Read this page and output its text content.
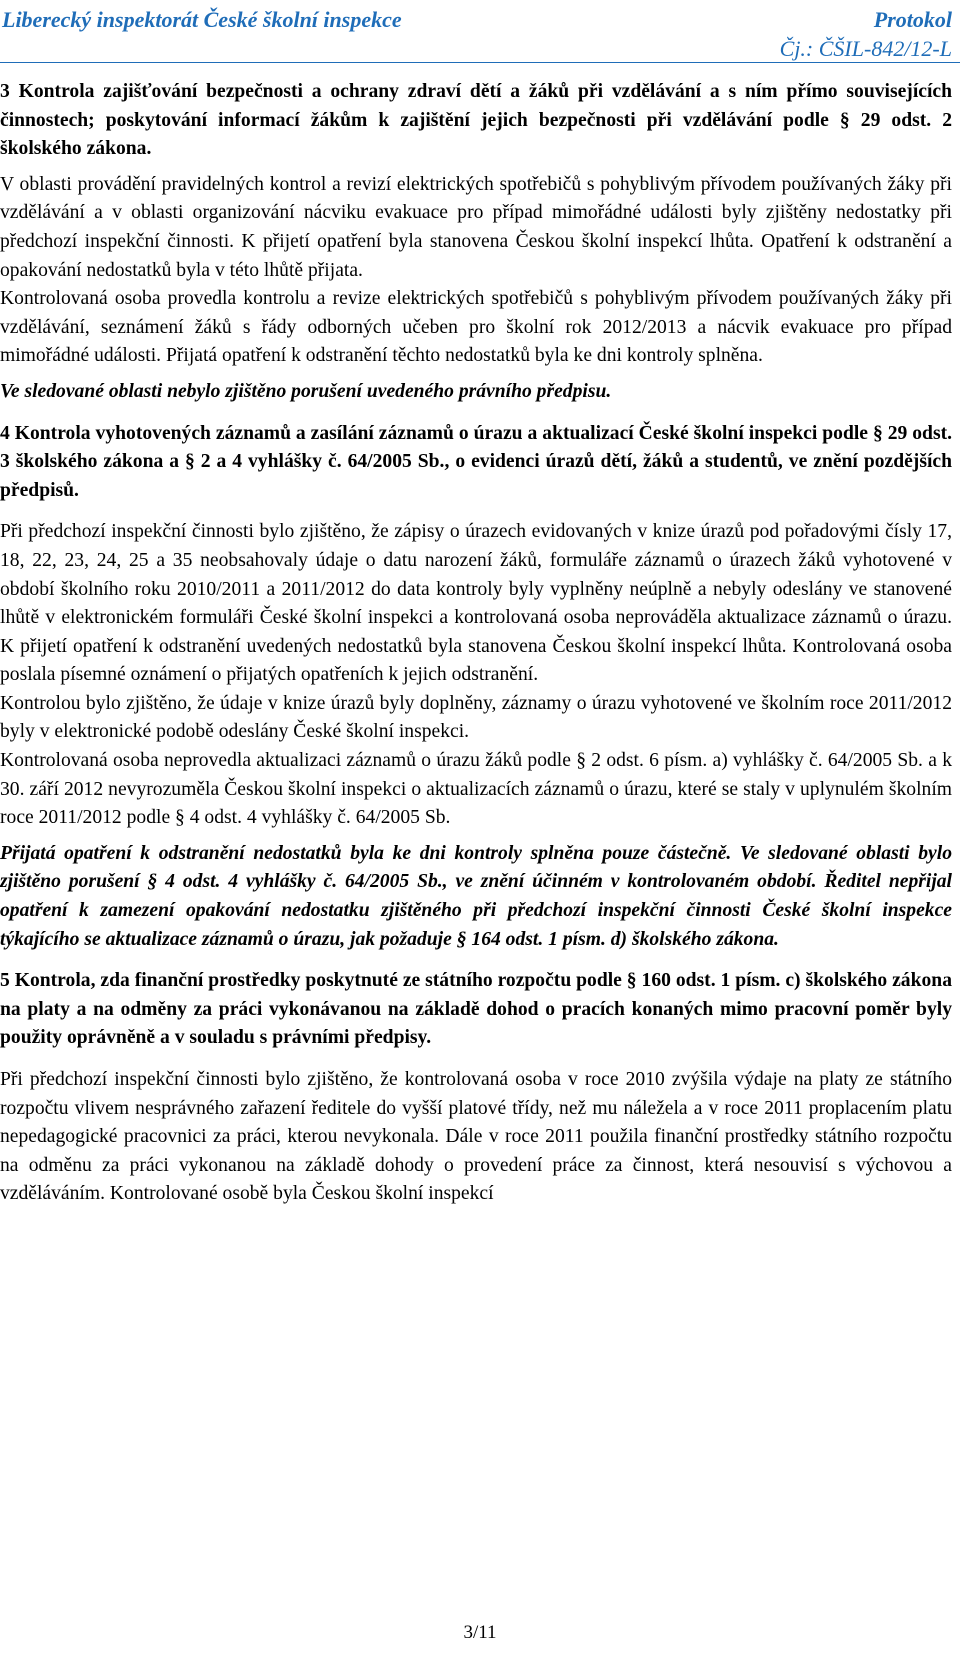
Liberecký inspektorát České školní inspekce	Protokol
Čj.: ČŠIL-842/12-L

3 Kontrola zajišťování bezpečnosti a ochrany zdraví dětí a žáků při vzdělávání a s ním přímo souvisejících činnostech; poskytování informací žákům k zajištění jejich bezpečnosti při vzdělávání podle § 29 odst. 2 školského zákona.

V oblasti provádění pravidelných kontrol a revizí elektrických spotřebičů s pohyblivým přívodem používaných žáky při vzdělávání a v oblasti organizování nácviku evakuace pro případ mimořádné události byly zjištěny nedostatky při předchozí inspekční činnosti. K přijetí opatření byla stanovena Českou školní inspekcí lhůta. Opatření k odstranění a opakování nedostatků byla v této lhůtě přijata.

Kontrolovaná osoba provedla kontrolu a revize elektrických spotřebičů s pohyblivým přívodem používaných žáky při vzdělávání, seznámení žáků s řády odborných učeben pro školní rok 2012/2013 a nácvik evakuace pro případ mimořádné události. Přijatá opatření k odstranění těchto nedostatků byla ke dni kontroly splněna.

Ve sledované oblasti nebylo zjištěno porušení uvedeného právního předpisu.

4 Kontrola vyhotovených záznamů a zasílání záznamů o úrazu a aktualizací České školní inspekci podle § 29 odst. 3 školského zákona a § 2 a 4 vyhlášky č. 64/2005 Sb., o evidenci úrazů dětí, žáků a studentů, ve znění pozdějších předpisů.

Při předchozí inspekční činnosti bylo zjištěno, že zápisy o úrazech evidovaných v knize úrazů pod pořadovými čísly 17, 18, 22, 23, 24, 25 a 35 neobsahovaly údaje o datu narození žáků, formuláře záznamů o úrazech žáků vyhotovené v období školního roku 2010/2011 a 2011/2012 do data kontroly byly vyplněny neúplně a nebyly odeslány ve stanovené lhůtě v elektronickém formuláři České školní inspekci a kontrolovaná osoba neprováděla aktualizace záznamů o úrazu. K přijetí opatření k odstranění uvedených nedostatků byla stanovena Českou školní inspekcí lhůta. Kontrolovaná osoba poslala písemné oznámení o přijatých opatřeních k jejich odstranění.

Kontrolou bylo zjištěno, že údaje v knize úrazů byly doplněny, záznamy o úrazu vyhotovené ve školním roce 2011/2012 byly v elektronické podobě odeslány České školní inspekci.

Kontrolovaná osoba neprovedla aktualizaci záznamů o úrazu žáků podle § 2 odst. 6 písm. a) vyhlášky č. 64/2005 Sb. a k 30. září 2012 nevyrozuměla Českou školní inspekci o aktualizacích záznamů o úrazu, které se staly v uplynulém školním roce 2011/2012 podle § 4 odst. 4 vyhlášky č. 64/2005 Sb.

Přijatá opatření k odstranění nedostatků byla ke dni kontroly splněna pouze částečně. Ve sledované oblasti bylo zjištěno porušení § 4 odst. 4 vyhlášky č. 64/2005 Sb., ve znění účinném v kontrolovaném období. Ředitel nepřijal opatření k zamezení opakování nedostatku zjištěného při předchozí inspekční činnosti České školní inspekce týkajícího se aktualizace záznamů o úrazu, jak požaduje § 164 odst. 1 písm. d) školského zákona.

5 Kontrola, zda finanční prostředky poskytnuté ze státního rozpočtu podle § 160 odst. 1 písm. c) školského zákona na platy a na odměny za práci vykonávanou na základě dohod o pracích konaných mimo pracovní poměr byly použity oprávněně a v souladu s právními předpisy.

Při předchozí inspekční činnosti bylo zjištěno, že kontrolovaná osoba v roce 2010 zvýšila výdaje na platy ze státního rozpočtu vlivem nesprávného zařazení ředitele do vyšší platové třídy, než mu náležela a v roce 2011 proplacením platu nepedagogické pracovnici za práci, kterou nevykonala. Dále v roce 2011 použila finanční prostředky státního rozpočtu na odměnu za práci vykonanou na základě dohody o provedení práce za činnost, která nesouvisí s výchovou a vzděláváním. Kontrolované osobě byla Českou školní inspekcí

3/11
